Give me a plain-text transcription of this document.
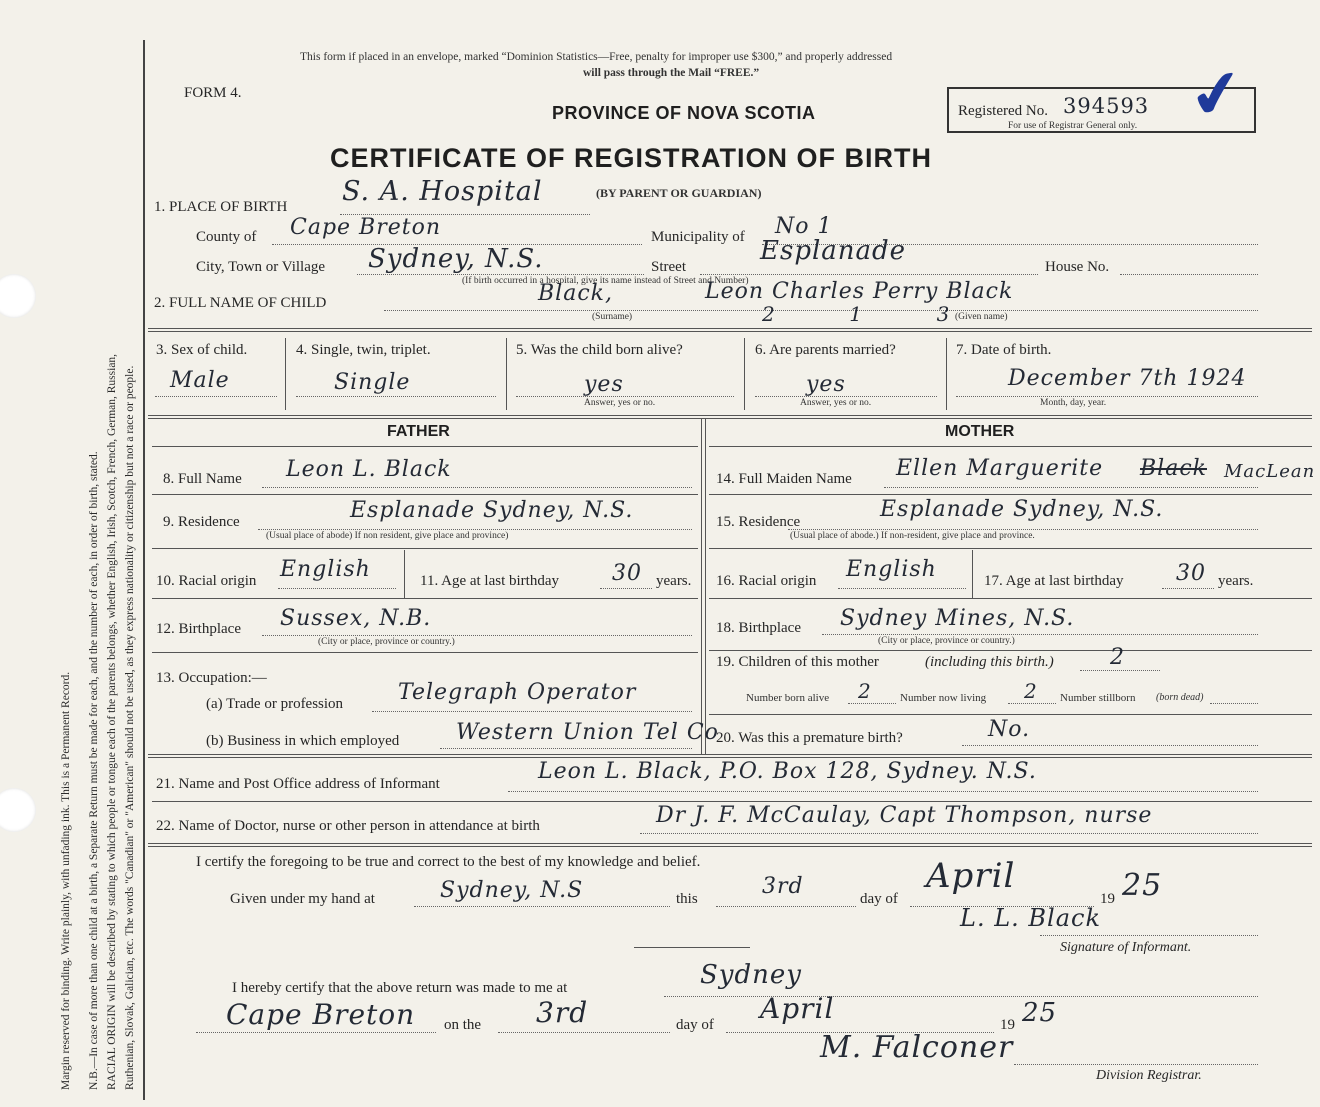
Margin reserved for binding. Write plainly, with unfading ink. This is a Permanent Record. N.B.—In case of more than one child at a birth, a Separate Return must be made for each, and the number of each, in order of birth, stated. RACIAL ORIGIN will be described by stating to which people or tongue each of the parents belongs, whether English, Irish, Scotch, French, German, Russian, Ruthenian, Slovak, Galician, etc. The words "Canadian" or "American" should not be used, as they express nationality or citizenship but not a race or people.
This form if placed in an envelope, marked “Dominion Statistics—Free, penalty for improper use $300,” and properly addressed
will pass through the Mail “FREE.”
FORM 4.
PROVINCE OF NOVA SCOTIA	Registered No. 394593
For use of Registrar General only. ✔
CERTIFICATE OF REGISTRATION OF BIRTH
1. PLACE OF BIRTH S. A. Hospital	(BY PARENT OR GUARDIAN)
County of Cape Breton	Municipality of No 1
City, Town or Village Sydney, N.S.	Street
Esplanade
House No.
(If birth occurred in a hospital, give its name instead of Street and Number)
2. FULL NAME OF CHILD	Black,	Leon Charles Perry Black
2          1          3
(Surname)	(Given name)
3. Sex of child.
Male
4. Single, twin, triplet.
Single
5. Was the child born alive?
yes
Answer, yes or no.
6. Are parents married?
yes
Answer, yes or no.
7. Date of birth.
December 7th 1924
Month, day, year.
FATHER	MOTHER
8. Full Name Leon L. Black
9. Residence	Esplanade Sydney, N.S.
(Usual place of abode) If non resident, give place and province)
10. Racial origin English	11. Age at last birthday 30 years.
12. Birthplace Sussex, N.B.
(City or place, province or country.)
13. Occupation:—
(a) Trade or profession Telegraph Operator
(b) Business in which employed	Western Union Tel Co
14. Full Maiden Name Ellen Marguerite Black MacLean
15. Residence	Esplanade Sydney, N.S.
(Usual place of abode.) If non-resident, give place and province.
16. Racial origin English	17. Age at last birthday 30 years.
18. Birthplace Sydney Mines, N.S.
(City or place, province or country.)
19. Children of this mother	(including this birth.)	2
Number born alive 2	Number now living 2 Number stillborn (born dead)
20. Was this a premature birth?	No.
21. Name and Post Office address of Informant	Leon L. Black, P.O. Box 128, Sydney. N.S.
22. Name of Doctor, nurse or other person in attendance at birth	Dr J. F. McCaulay, Capt Thompson, nurse
I certify the foregoing to be true and correct to the best of my knowledge and belief.
Given under my hand at	Sydney, N.S	this	3rd	day of
April
19 25
L. L. Black
Signature of Informant.
I hereby certify that the above return was made to me at	Sydney
Cape Breton on the 3rd	day of April	19 25
M. Falconer
Division Registrar.
